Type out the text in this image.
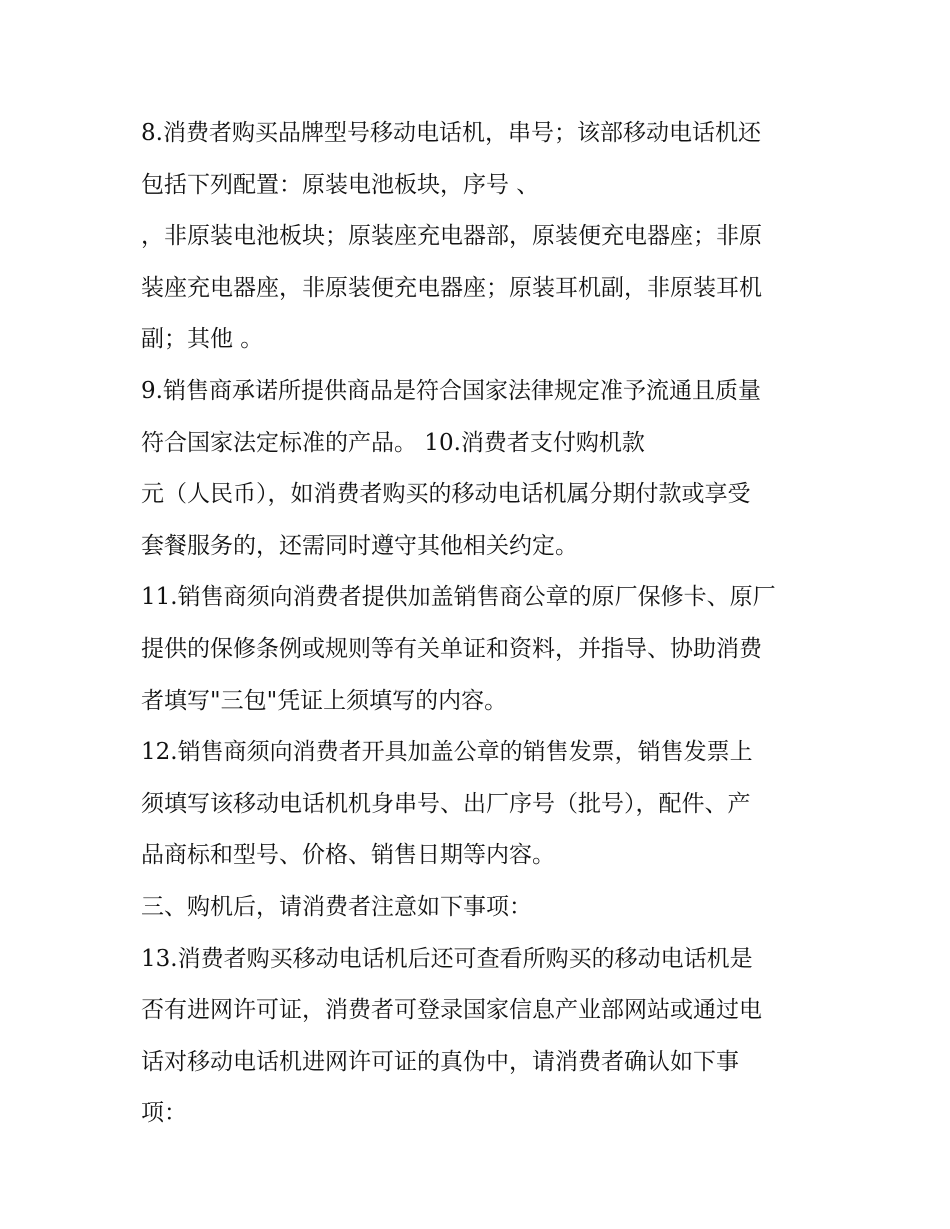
8.消费者购买品牌型号移动电话机，串号；该部移动电话机还
包括下列配置：原装电池板块，序号 、
，非原装电池板块；原装座充电器部，原装便充电器座；非原
装座充电器座，非原装便充电器座；原装耳机副，非原装耳机
副；其他 。
9.销售商承诺所提供商品是符合国家法律规定准予流通且质量
符合国家法定标准的产品。 10.消费者支付购机款
元（人民币），如消费者购买的移动电话机属分期付款或享受
套餐服务的，还需同时遵守其他相关约定。
11.销售商须向消费者提供加盖销售商公章的原厂保修卡、原厂
提供的保修条例或规则等有关单证和资料，并指导、协助消费
者填写"三包"凭证上须填写的内容。
12.销售商须向消费者开具加盖公章的销售发票，销售发票上
须填写该移动电话机机身串号、出厂序号（批号），配件、产
品商标和型号、价格、销售日期等内容。
三、购机后，请消费者注意如下事项：
13.消费者购买移动电话机后还可查看所购买的移动电话机是
否有进网许可证，消费者可登录国家信息产业部网站或通过电
话对移动电话机进网许可证的真伪中，请消费者确认如下事
项：
